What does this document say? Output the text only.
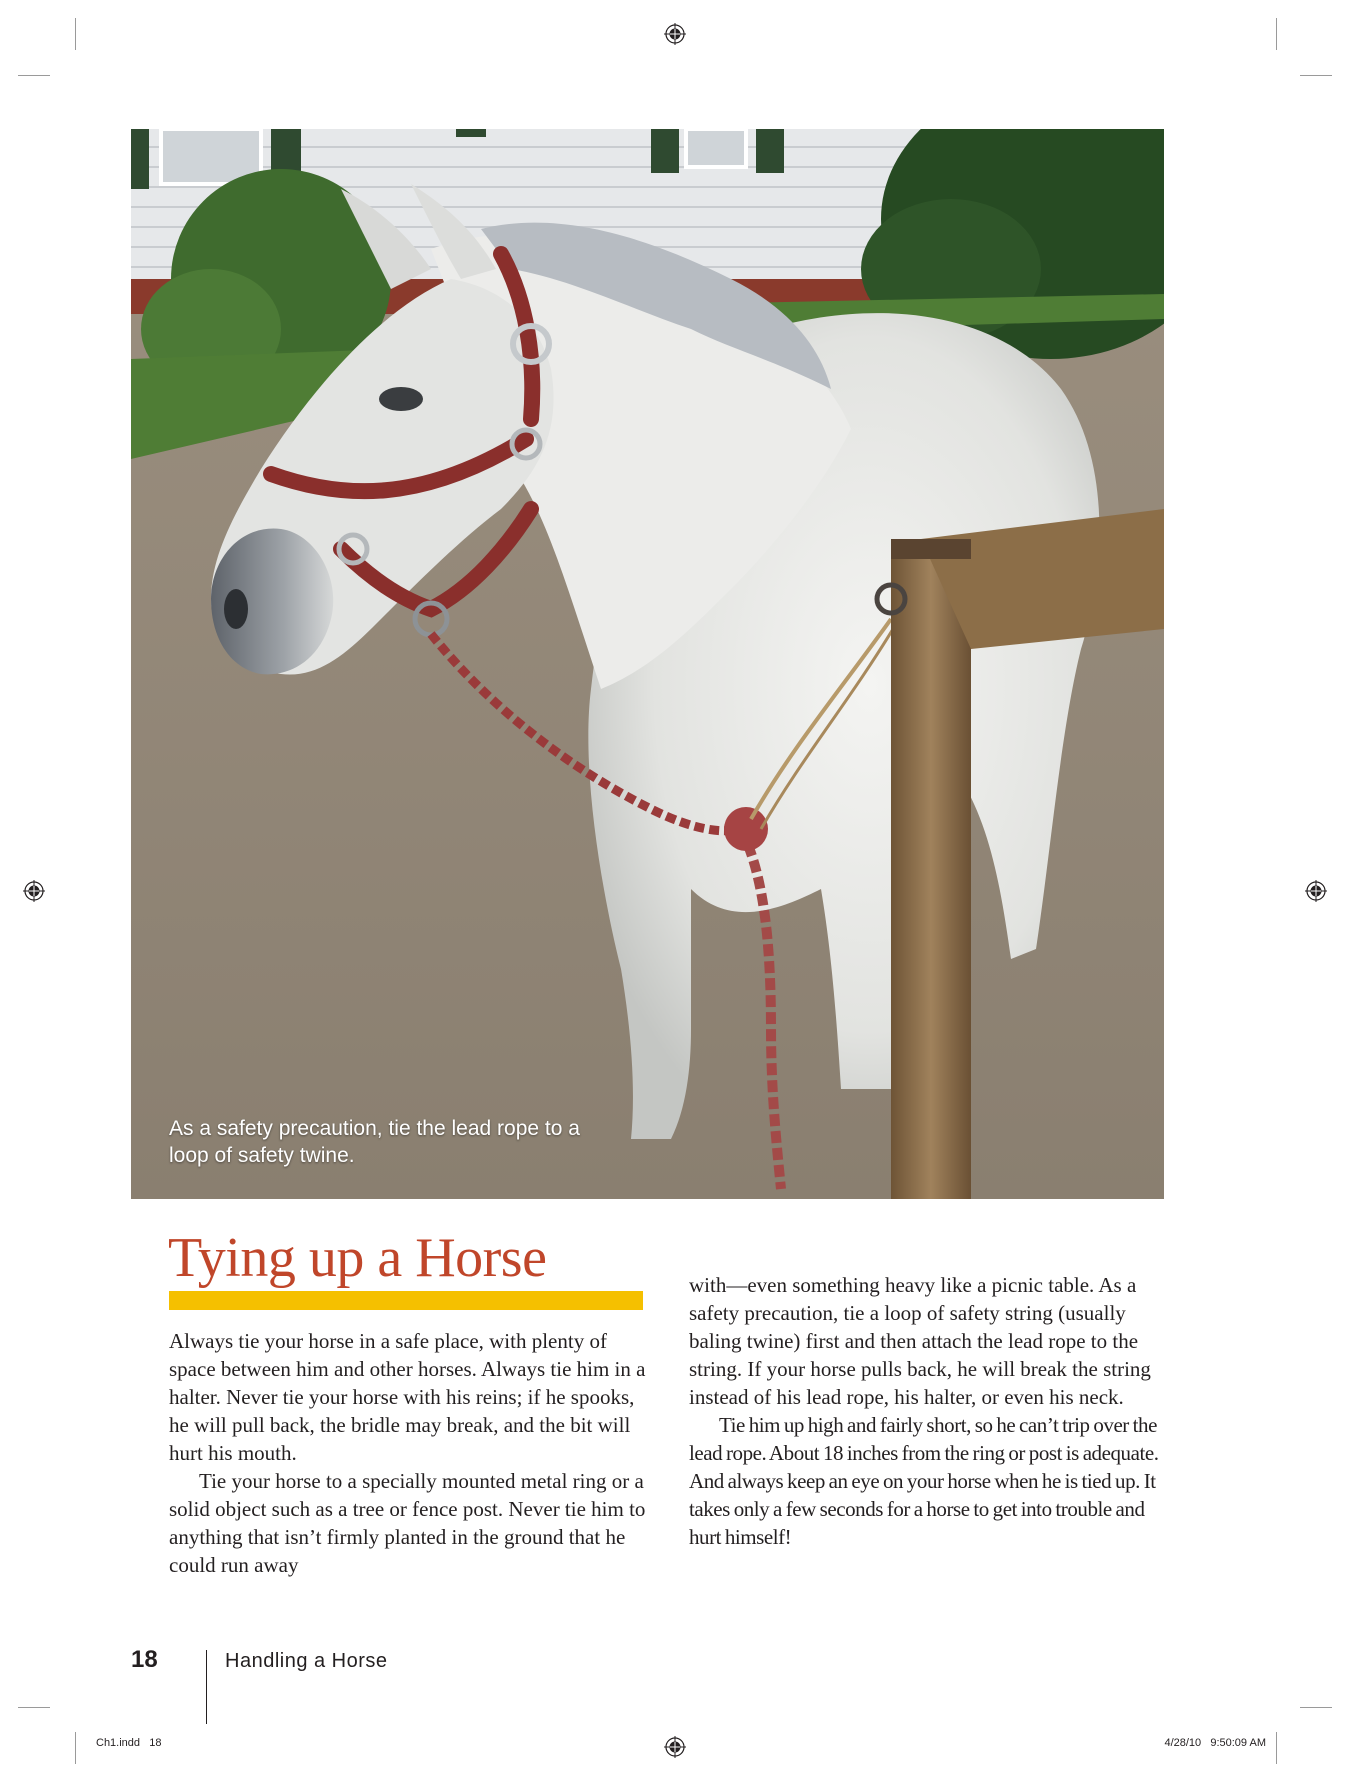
As a safety precaution, tie the lead rope to a loop of safety twine.
Tying up a Horse

Always tie your horse in a safe place, with plenty of space between him and other horses. Always tie him in a halter. Never tie your horse with his reins; if he spooks, he will pull back, the bridle may break, and the bit will hurt his mouth.

Tie your horse to a specially mounted metal ring or a solid object such as a tree or fence post. Never tie him to anything that isn’t firmly planted in the ground that he could run away

with—even something heavy like a picnic table. As a safety precaution, tie a loop of safety string (usually baling twine) first and then attach the lead rope to the string. If your horse pulls back, he will break the string instead of his lead rope, his halter, or even his neck.

Tie him up high and fairly short, so he can’t trip over the lead rope. About 18 inches from the ring or post is adequate. And always keep an eye on your horse when he is tied up. It takes only a few seconds for a horse to get into trouble and hurt himself!

18	Handling a Horse
Ch1.indd   18	4/28/10   9:50:09 AM
